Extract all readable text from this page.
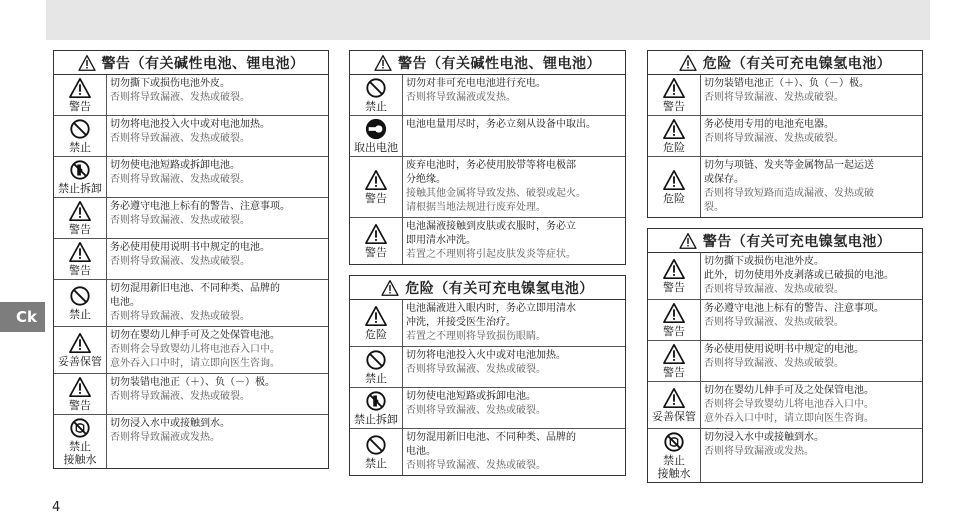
Ck
4
警告（有关碱性电池、锂电池）
警告
切勿撕下或损伤电池外皮。
否则将导致漏液、发热或破裂。
禁止
切勿将电池投入火中或对电池加热。
否则将导致漏液、发热或破裂。
禁止拆卸
切勿使电池短路或拆卸电池。
否则将导致漏液、发热或破裂。
警告
务必遵守电池上标有的警告、注意事项。
否则将导致漏液、发热或破裂。
警告
务必使用使用说明书中规定的电池。
否则将导致漏液、发热或破裂。
禁止
切勿混用新旧电池、不同种类、品牌的
电池。
否则将导致漏液、发热或破裂。
妥善保管
切勿在婴幼儿伸手可及之处保管电池。
否则将会导致婴幼儿将电池吞入口中。
意外吞入口中时，请立即向医生咨询。
警告
切勿装错电池正（＋）、负（－）极。
否则将导致漏液、发热或破裂。
禁止
接触水
切勿浸入水中或接触到水。
否则将导致漏液或发热。
警告（有关碱性电池、锂电池）
禁止
切勿对非可充电电池进行充电。
否则将导致漏液或发热。
取出电池
电池电量用尽时，务必立刻从设备中取出。
警告
废弃电池时，务必使用胶带等将电极部
分绝缘。
接触其他金属将导致发热、破裂或起火。
请根据当地法规进行废弃处理。
警告
电池漏液接触到皮肤或衣服时，务必立
即用清水冲洗。
若置之不理则将引起皮肤发炎等症状。
危险（有关可充电镍氢电池）
危险
电池漏液进入眼内时，务必立即用清水
冲洗，并接受医生治疗。
若置之不理则将导致损伤眼睛。
禁止
切勿将电池投入火中或对电池加热。
否则将导致漏液、发热或破裂。
禁止拆卸
切勿使电池短路或拆卸电池。
否则将导致漏液、发热或破裂。
禁止
切勿混用新旧电池、不同种类、品牌的
电池。
否则将导致漏液、发热或破裂。
危险（有关可充电镍氢电池）
警告
切勿装错电池正（＋）、负（－）极。
否则将导致漏液、发热或破裂。
危险
务必使用专用的电池充电器。
否则将导致漏液、发热或破裂。
危险
切勿与项链、发夹等金属物品一起运送
或保存。
否则将导致短路而造成漏液、发热或破
裂。
警告（有关可充电镍氢电池）
警告
切勿撕下或损伤电池外皮。
此外，切勿使用外皮剥落或已破损的电池。
否则将导致漏液、发热或破裂。
警告
务必遵守电池上标有的警告、注意事项。
否则将导致漏液、发热或破裂。
警告
务必使用使用说明书中规定的电池。
否则将导致漏液、发热或破裂。
妥善保管
切勿在婴幼儿伸手可及之处保管电池。
否则将会导致婴幼儿将电池吞入口中。
意外吞入口中时，请立即向医生咨询。
禁止
接触水
切勿浸入水中或接触到水。
否则将导致漏液或发热。
